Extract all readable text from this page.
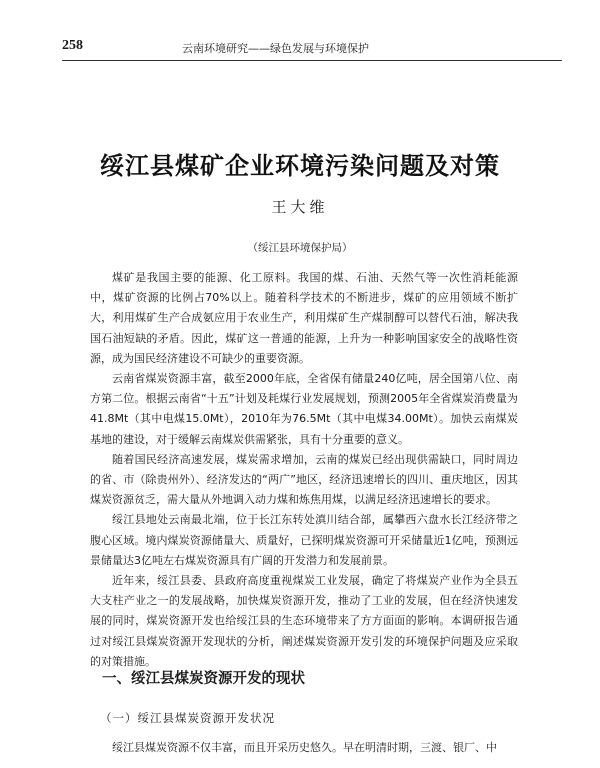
258	云南环境研究——绿色发展与环境保护
绥江县煤矿企业环境污染问题及对策
王大维
（绥江县环境保护局）

煤矿是我国主要的能源、化工原料。我国的煤、石油、天然气等一次性消耗能源中，煤矿资源的比例占70%以上。随着科学技术的不断进步，煤矿的应用领域不断扩大，利用煤矿生产合成氨应用于农业生产，利用煤矿生产煤制醇可以替代石油，解决我国石油短缺的矛盾。因此，煤矿这一普通的能源，上升为一种影响国家安全的战略性资源，成为国民经济建设不可缺少的重要资源。

云南省煤炭资源丰富，截至2000年底，全省保有储量240亿吨，居全国第八位、南方第二位。根据云南省“十五”计划及耗煤行业发展规划，预测2005年全省煤炭消费量为41.8Mt（其中电煤15.0Mt），2010年为76.5Mt（其中电煤34.00Mt）。加快云南煤炭基地的建设，对于缓解云南煤炭供需紧张，具有十分重要的意义。

随着国民经济高速发展，煤炭需求增加，云南的煤炭已经出现供需缺口，同时周边的省、市（除贵州外）、经济发达的“两广”地区，经济迅速增长的四川、重庆地区，因其煤炭资源贫乏，需大量从外地调入动力煤和炼焦用煤，以满足经济迅速增长的要求。

绥江县地处云南最北端，位于长江东转处滇川结合部，属攀西六盘水长江经济带之腹心区域。境内煤炭资源储量大、质量好，已探明煤炭资源可开采储量近1亿吨，预测远景储量达3亿吨左右煤炭资源具有广阔的开发潜力和发展前景。

近年来，绥江县委、县政府高度重视煤炭工业发展，确定了将煤炭产业作为全县五大支柱产业之一的发展战略，加快煤炭资源开发，推动了工业的发展，但在经济快速发展的同时，煤炭资源开发也给绥江县的生态环境带来了方方面面的影响。本调研报告通过对绥江县煤炭资源开发现状的分析，阐述煤炭资源开发引发的环境保护问题及应采取的对策措施。

一、绥江县煤炭资源开发的现状
（一）绥江县煤炭资源开发状况
绥江县煤炭资源不仅丰富，而且开采历史悠久。早在明清时期，三渡、银厂、中
